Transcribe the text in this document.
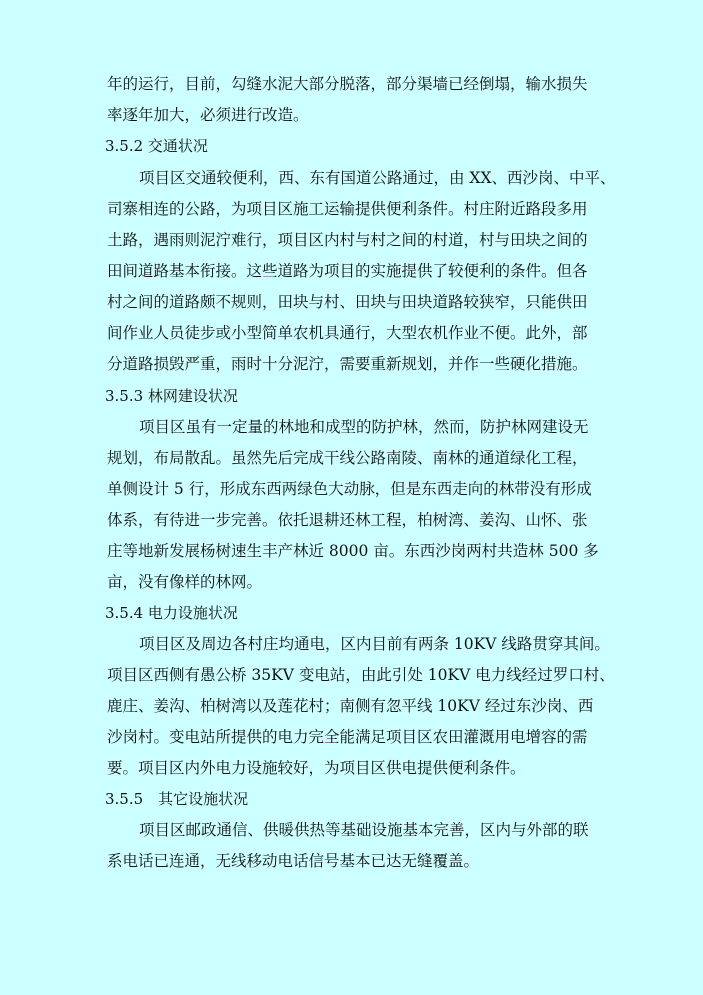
年的运行，目前，勾缝水泥大部分脱落，部分渠墙已经倒塌，输水损失
率逐年加大，必须进行改造。
3.5.2 交通状况
项目区交通较便利，西、东有国道公路通过，由 XX、西沙岗、中平、
司寨相连的公路，为项目区施工运输提供便利条件。村庄附近路段多用
土路，遇雨则泥泞难行，项目区内村与村之间的村道，村与田块之间的
田间道路基本衔接。这些道路为项目的实施提供了较便利的条件。但各
村之间的道路颇不规则，田块与村、田块与田块道路较狭窄，只能供田
间作业人员徒步或小型简单农机具通行，大型农机作业不便。此外，部
分道路损毁严重，雨时十分泥泞，需要重新规划，并作一些硬化措施。
3.5.3 林网建设状况
项目区虽有一定量的林地和成型的防护林，然而，防护林网建设无
规划，布局散乱。虽然先后完成干线公路南陵、南林的通道绿化工程，
单侧设计 5 行，形成东西两绿色大动脉，但是东西走向的林带没有形成
体系，有待进一步完善。依托退耕还林工程，柏树湾、姜沟、山怀、张
庄等地新发展杨树速生丰产林近 8000 亩。东西沙岗两村共造林 500 多
亩，没有像样的林网。
3.5.4 电力设施状况
项目区及周边各村庄均通电，区内目前有两条 10KV 线路贯穿其间。
项目区西侧有愚公桥 35KV 变电站，由此引处 10KV 电力线经过罗口村、
鹿庄、姜沟、柏树湾以及莲花村；南侧有忽平线 10KV 经过东沙岗、西
沙岗村。变电站所提供的电力完全能满足项目区农田灌溉用电增容的需
要。项目区内外电力设施较好，为项目区供电提供便利条件。
3.5.5　其它设施状况
项目区邮政通信、供暖供热等基础设施基本完善，区内与外部的联
系电话已连通，无线移动电话信号基本已达无缝覆盖。
